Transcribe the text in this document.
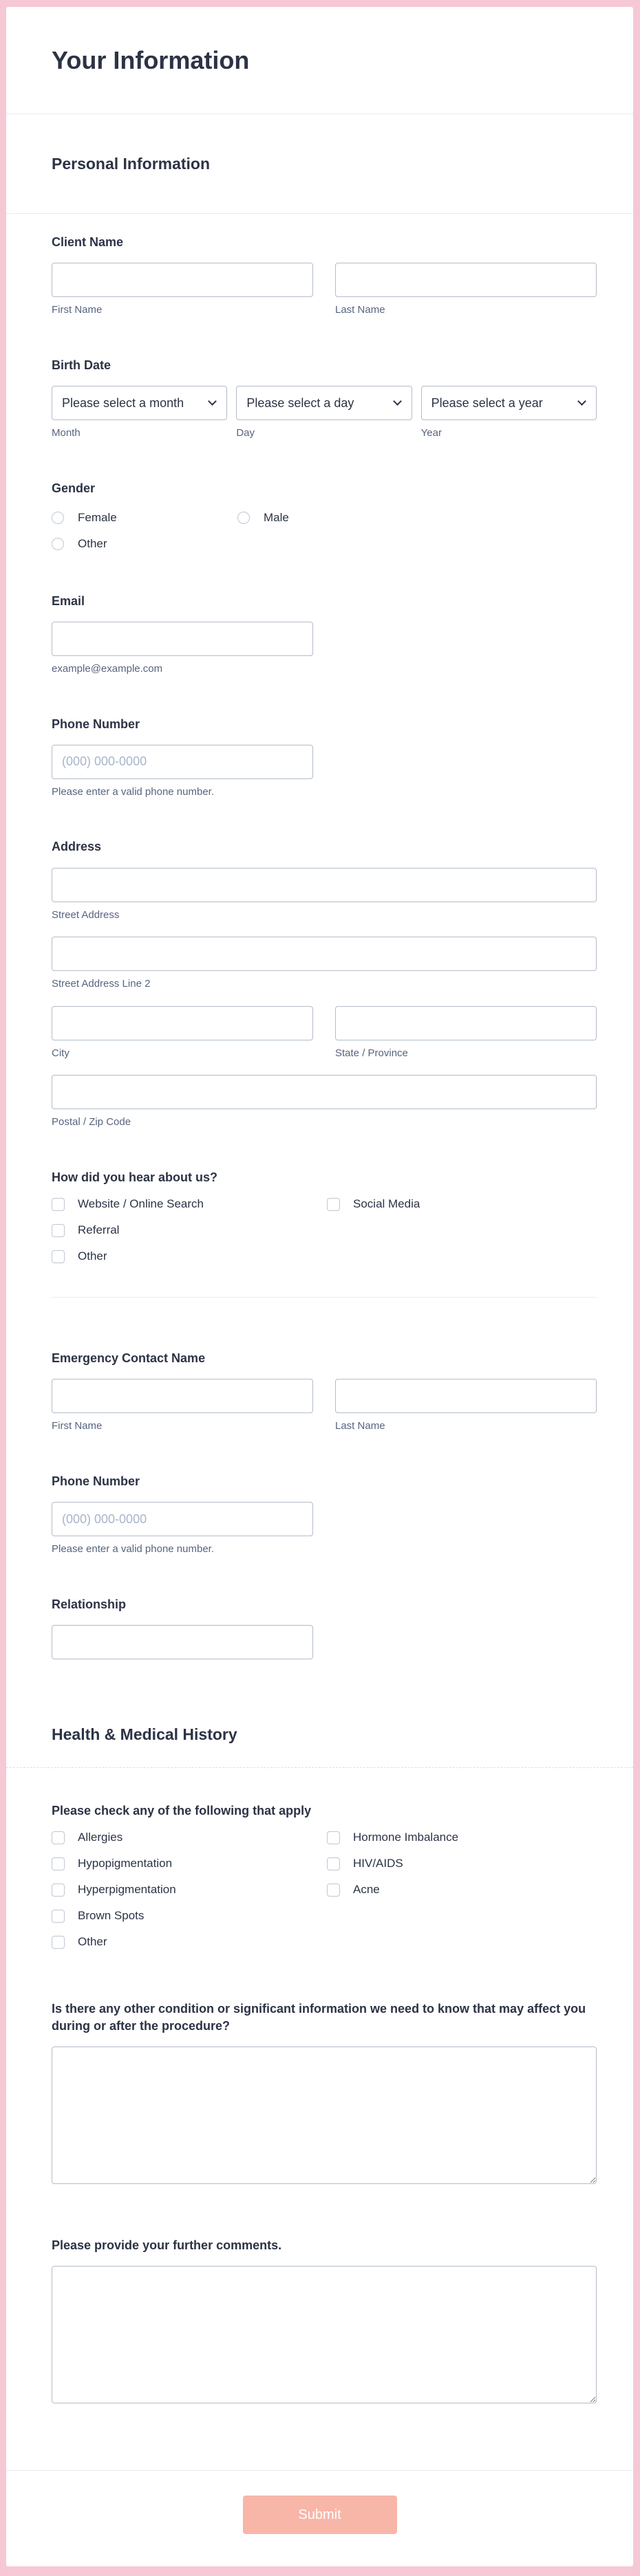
Your Information
Personal Information
Client Name
First Name	Last Name
Birth Date
Please select a month
Month
Please select a day	Day
Please select a year	Year
Gender
Female
Other
Male
Email
example@example.com
Phone Number
(000) 000-0000
Please enter a valid phone number.
Address
Street Address
Street Address Line 2
City	State / Province
Postal / Zip Code
How did you hear about us?
Website / Online Search
Referral
Other
Social Media
Emergency Contact Name
First Name	Last Name
Phone Number
(000) 000-0000
Please enter a valid phone number.
Relationship
Health & Medical History
Please check any of the following that apply
Allergies
Hypopigmentation
Hyperpigmentation
Brown Spots
Other
Hormone Imbalance
HIV/AIDS
Acne
Is there any other condition or significant information we need to know that may affect you during or after the procedure?
Please provide your further comments.
Submit
